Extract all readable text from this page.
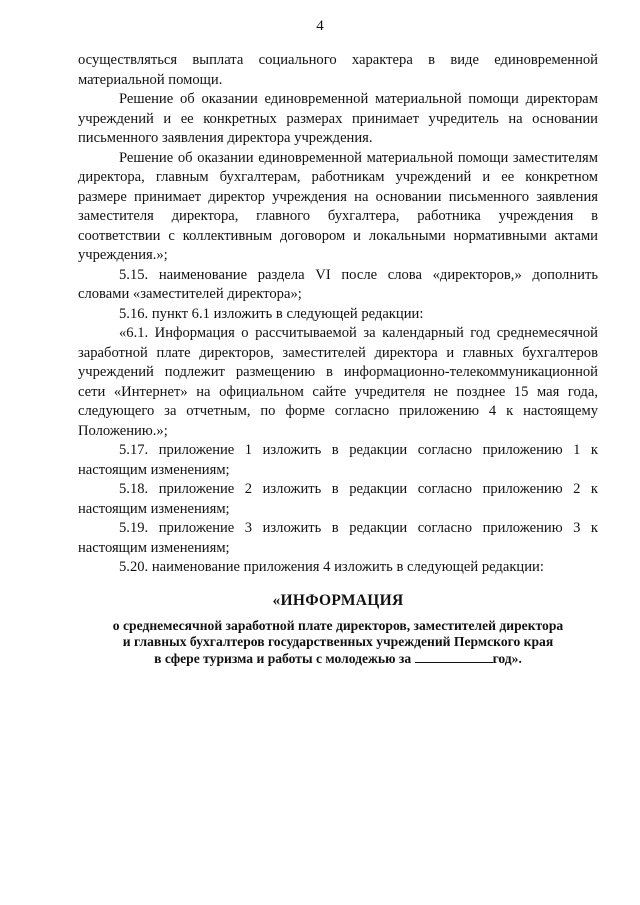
4

осуществляться выплата социального характера в виде единовременной материальной помощи.

Решение об оказании единовременной материальной помощи директорам учреждений и ее конкретных размерах принимает учредитель на основании письменного заявления директора учреждения.

Решение об оказании единовременной материальной помощи заместителям директора, главным бухгалтерам, работникам учреждений и ее конкретном размере принимает директор учреждения на основании письменного заявления заместителя директора, главного бухгалтера, работника учреждения в соответствии с коллективным договором и локальными нормативными актами учреждения.»;

5.15. наименование раздела VI после слова «директоров,» дополнить словами «заместителей директора»;

5.16. пункт 6.1 изложить в следующей редакции:

«6.1. Информация о рассчитываемой за календарный год среднемесячной заработной плате директоров, заместителей директора и главных бухгалтеров учреждений подлежит размещению в информационно-телекоммуникационной сети «Интернет» на официальном сайте учредителя не позднее 15 мая года, следующего за отчетным, по форме согласно приложению 4 к настоящему Положению.»;

5.17. приложение 1 изложить в редакции согласно приложению 1 к настоящим изменениям;

5.18. приложение 2 изложить в редакции согласно приложению 2 к настоящим изменениям;

5.19. приложение 3 изложить в редакции согласно приложению 3 к настоящим изменениям;

5.20. наименование приложения 4 изложить в следующей редакции:

«ИНФОРМАЦИЯ
о среднемесячной заработной плате директоров, заместителей директора
и главных бухгалтеров государственных учреждений Пермского края
в сфере туризма и работы с молодежью за	год».
